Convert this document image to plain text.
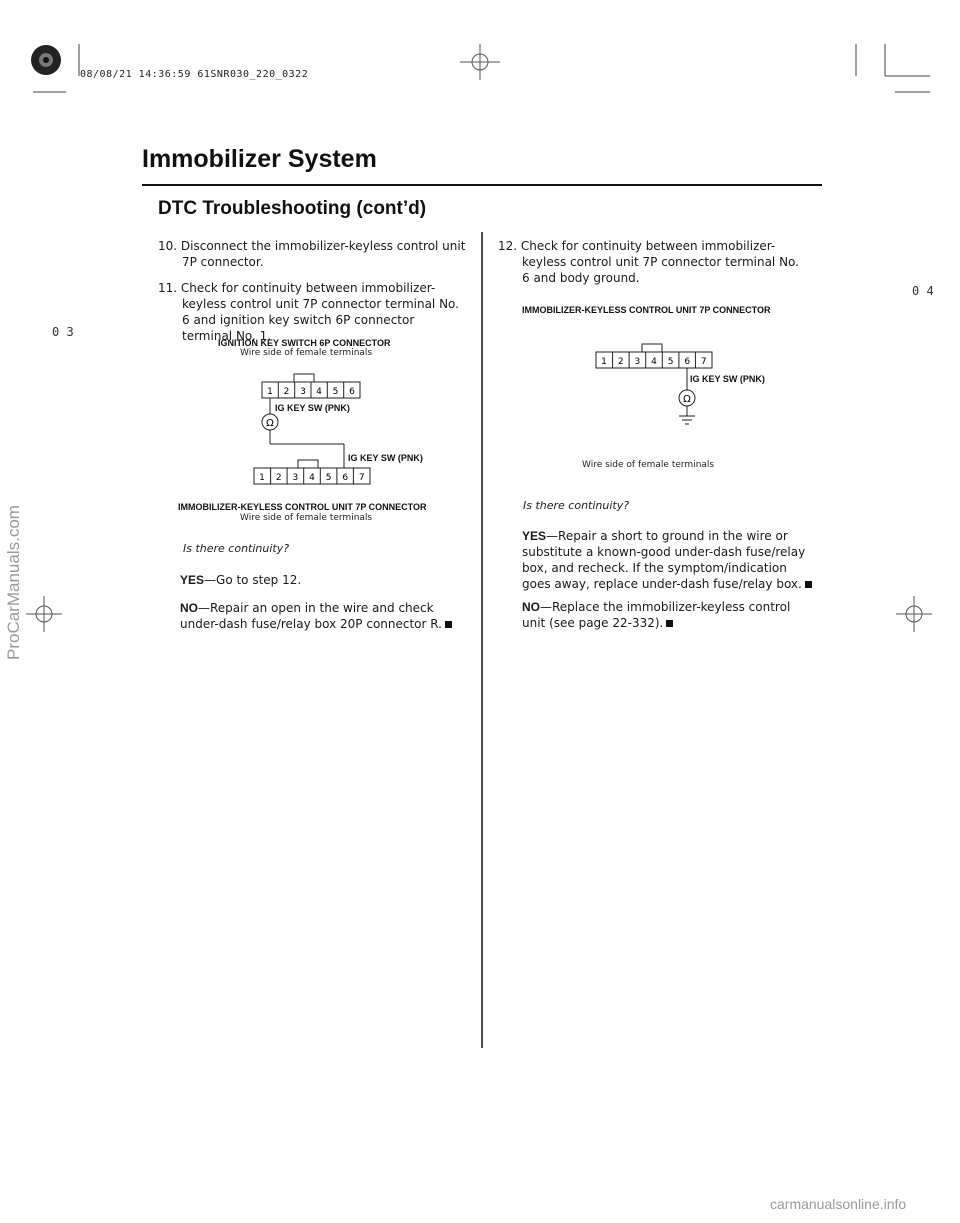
08/08/21 14:36:59 61SNR030_220_0322
Immobilizer System
DTC Troubleshooting (cont’d)
0 3
0 4

10. Disconnect the immobilizer-keyless control unit 7P connector.

11. Check for continuity between immobilizer-keyless control unit 7P connector terminal No. 6 and ignition key switch 6P connector terminal No. 1.

IGNITION KEY SWITCH 6P CONNECTOR
Wire side of female terminals
1 2 3 4 5 6
Ω
1 2 3 4 5 6 7
IG KEY SW (PNK)
IG KEY SW (PNK)
IMMOBILIZER-KEYLESS CONTROL UNIT 7P CONNECTOR
Wire side of female terminals
Is there continuity?
YES—Go to step 12.
NO—Repair an open in the wire and check under-dash fuse/relay box 20P connector R.

12. Check for continuity between immobilizer-keyless control unit 7P connector terminal No. 6 and body ground.

IMMOBILIZER-KEYLESS CONTROL UNIT 7P CONNECTOR
1 2 3 4 5 6 7
Ω
IG KEY SW (PNK)
Wire side of female terminals
Is there continuity?
YES—Repair a short to ground in the wire or substitute a known-good under-dash fuse/relay box, and recheck. If the symptom/indication goes away, replace under-dash fuse/relay box.
NO—Replace the immobilizer-keyless control unit (see page 22-332).
ProCarManuals.com
carmanualsonline.info
